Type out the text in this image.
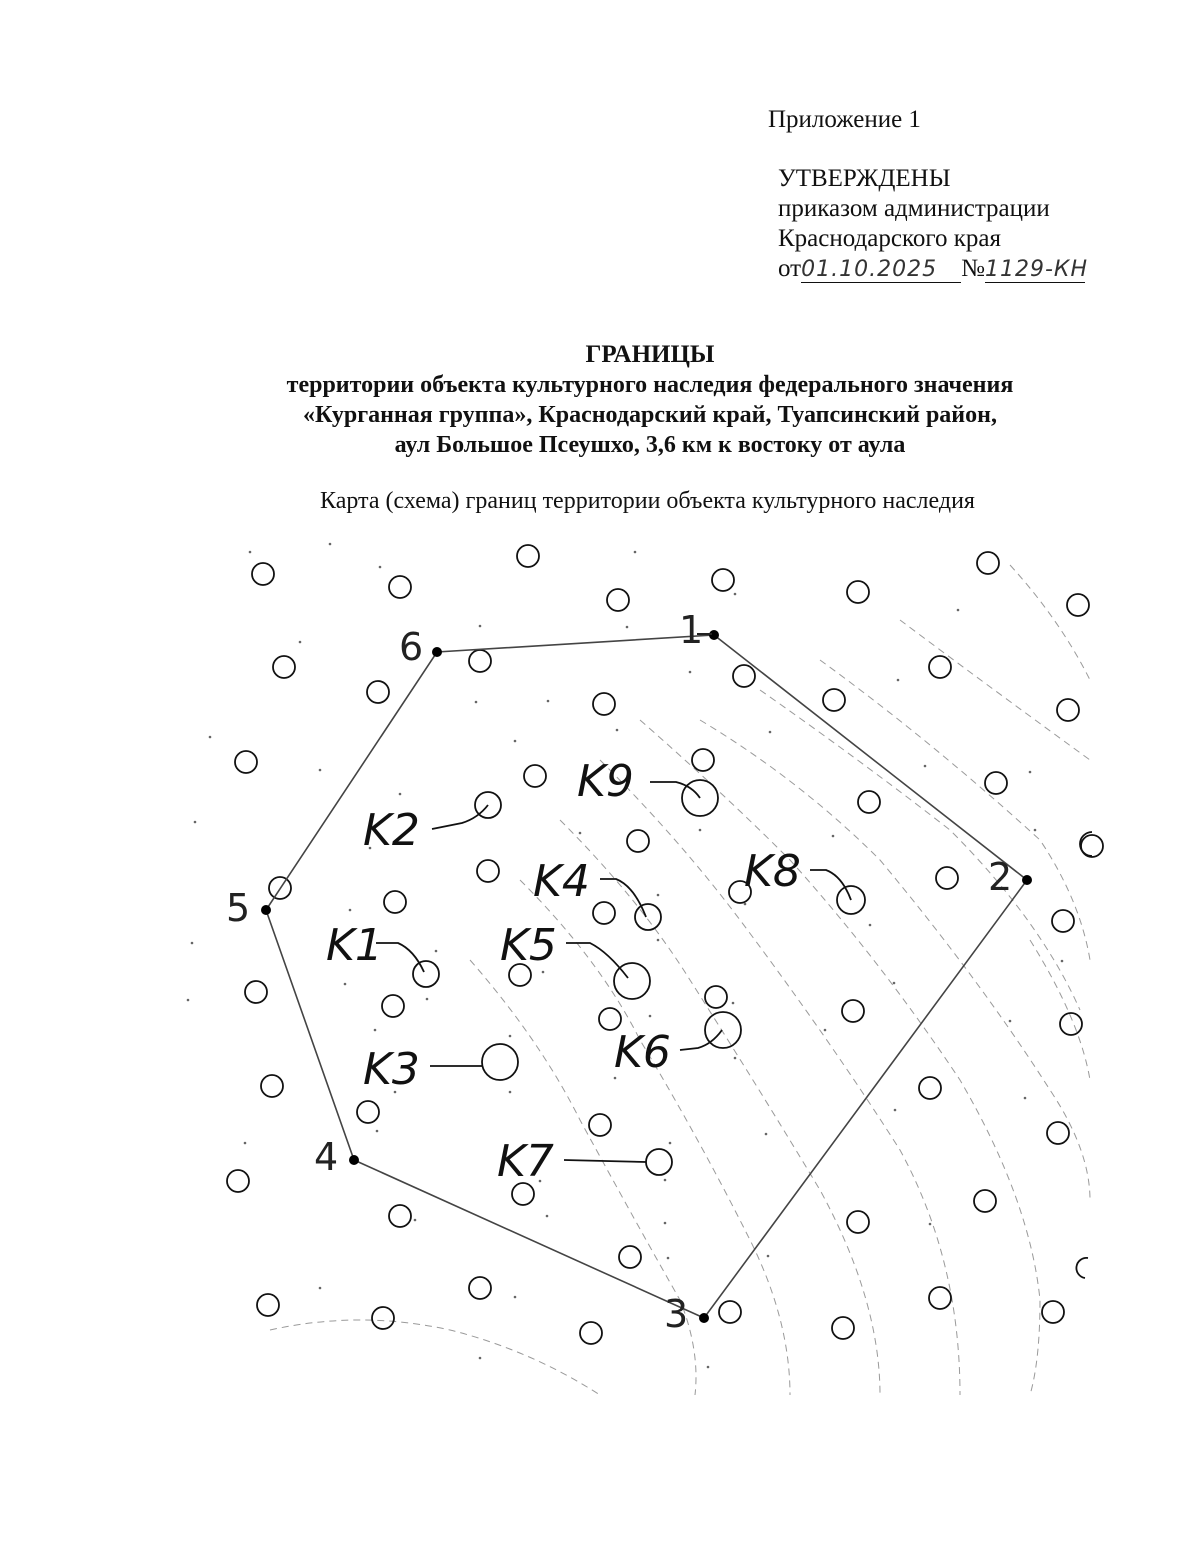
Приложение 1
УТВЕРЖДЕНЫ
приказом администрации
Краснодарского края
от01.10.2025 №1129-КН
ГРАНИЦЫ
территории объекта культурного наследия федерального значения
«Курганная группа», Краснодарский край, Туапсинский район,
аул Большое Псеушхо, 3,6 км к востоку от аула
Карта (схема) границ территории объекта культурного наследия
1
2
3
4
5
6
K9
K2
K4	K8
K1	K5
K6
K3
K7
